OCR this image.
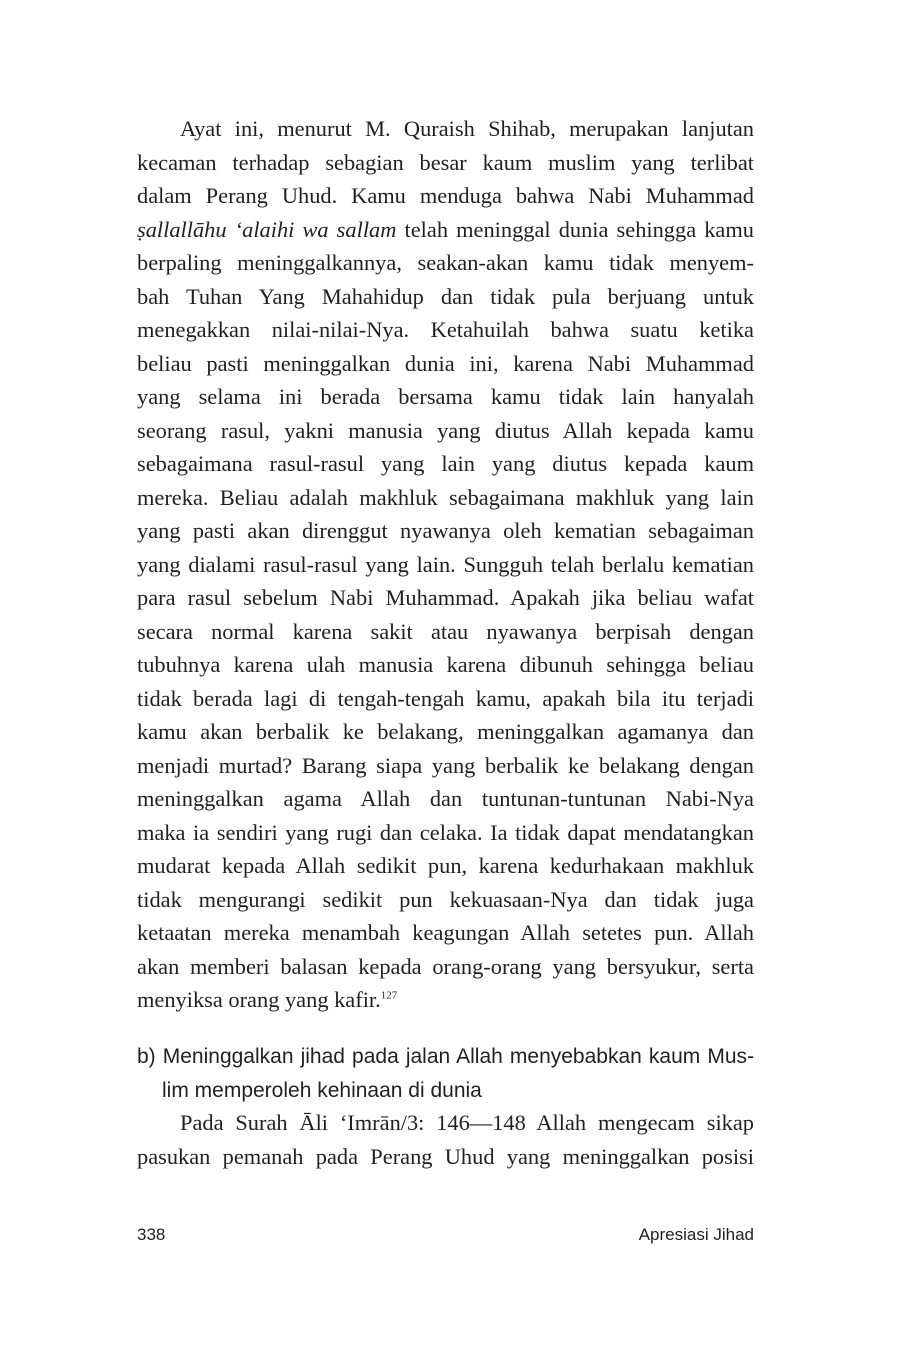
Ayat ini, menurut M. Quraish Shihab, merupakan lanjutan
kecaman terhadap sebagian besar kaum muslim yang terlibat
dalam Perang Uhud. Kamu menduga bahwa Nabi Muhammad
ṣallallāhu ‘alaihi wa sallam telah meninggal dunia sehingga kamu
berpaling meninggalkannya, seakan-akan kamu tidak menyem-
bah Tuhan Yang Mahahidup dan tidak pula berjuang untuk
menegakkan nilai-nilai-Nya. Ketahuilah bahwa suatu ketika
beliau pasti meninggalkan dunia ini, karena Nabi Muhammad
yang selama ini berada bersama kamu tidak lain hanyalah
seorang rasul, yakni manusia yang diutus Allah kepada kamu
sebagaimana rasul-rasul yang lain yang diutus kepada kaum
mereka. Beliau adalah makhluk sebagaimana makhluk yang lain
yang pasti akan direnggut nyawanya oleh kematian sebagaiman
yang dialami rasul-rasul yang lain. Sungguh telah berlalu kematian
para rasul sebelum Nabi Muhammad. Apakah jika beliau wafat
secara normal karena sakit atau nyawanya berpisah dengan
tubuhnya karena ulah manusia karena dibunuh sehingga beliau
tidak berada lagi di tengah-tengah kamu, apakah bila itu terjadi
kamu akan berbalik ke belakang, meninggalkan agamanya dan
menjadi murtad? Barang siapa yang berbalik ke belakang dengan
meninggalkan agama Allah dan tuntunan-tuntunan Nabi-Nya
maka ia sendiri yang rugi dan celaka. Ia tidak dapat mendatangkan
mudarat kepada Allah sedikit pun, karena kedurhakaan makhluk
tidak mengurangi sedikit pun kekuasaan-Nya dan tidak juga
ketaatan mereka menambah keagungan Allah setetes pun. Allah
akan memberi balasan kepada orang-orang yang bersyukur, serta
menyiksa orang yang kafir.$^{127}$
b) Meninggalkan jihad pada jalan Allah menyebabkan kaum Mus-
lim memperoleh kehinaan di dunia
Pada Surah Āli ‘Imrān/3: 146—148 Allah mengecam sikap
pasukan pemanah pada Perang Uhud yang meninggalkan posisi
338	Apresiasi Jihad
